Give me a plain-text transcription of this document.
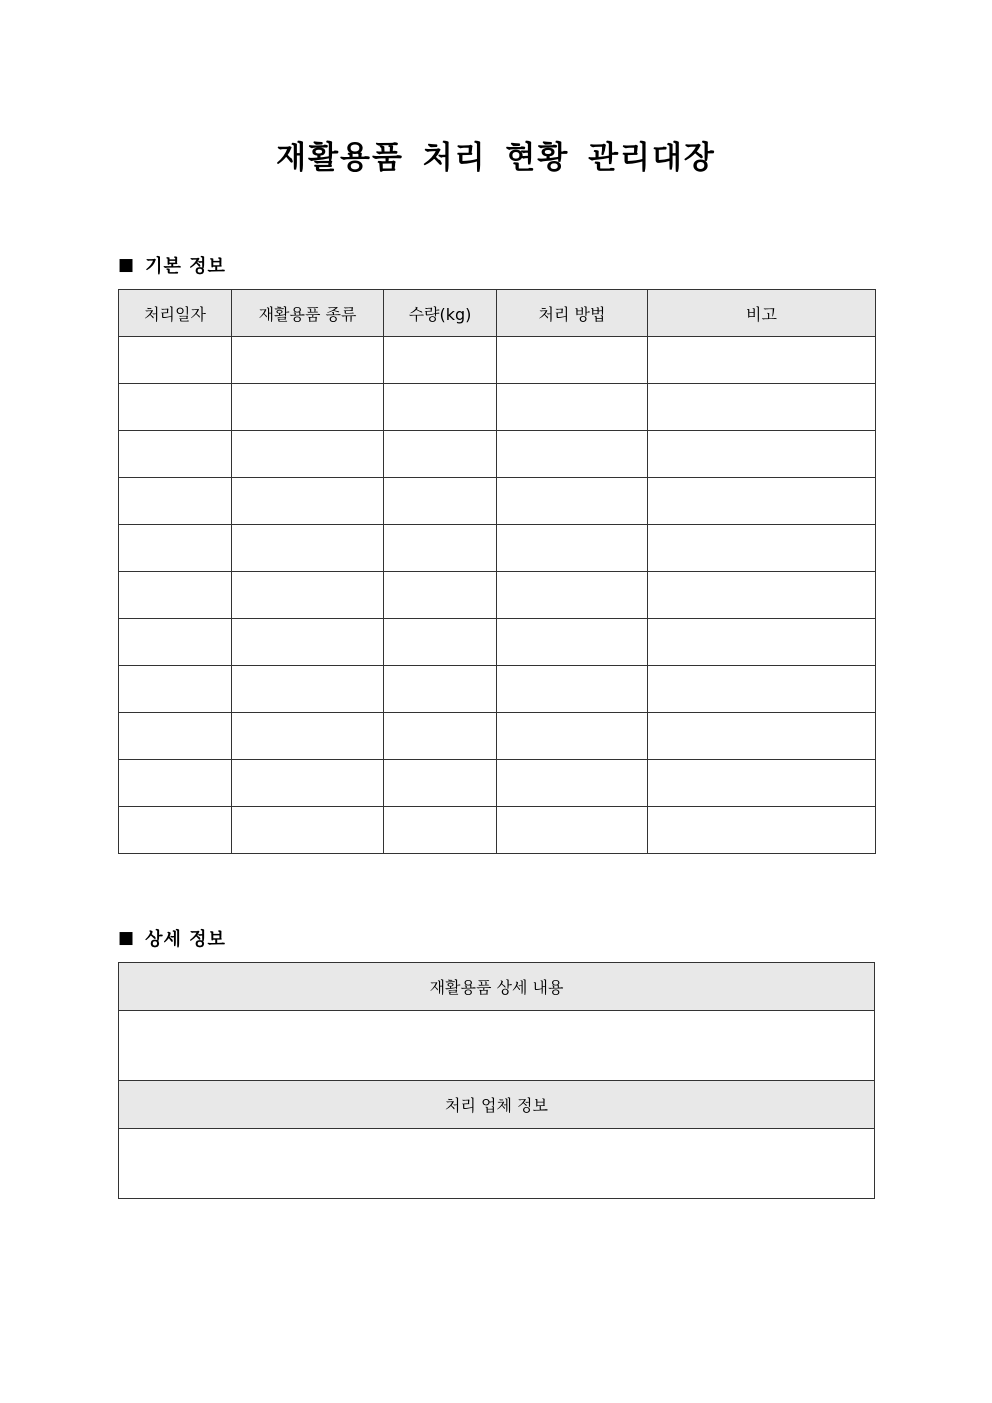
재활용품 처리 현황 관리대장
■ 기본 정보
처리일자	재활용품 종류	수량(kg)	처리 방법	비고

■ 상세 정보
재활용품 상세 내용

처리 업체 정보
